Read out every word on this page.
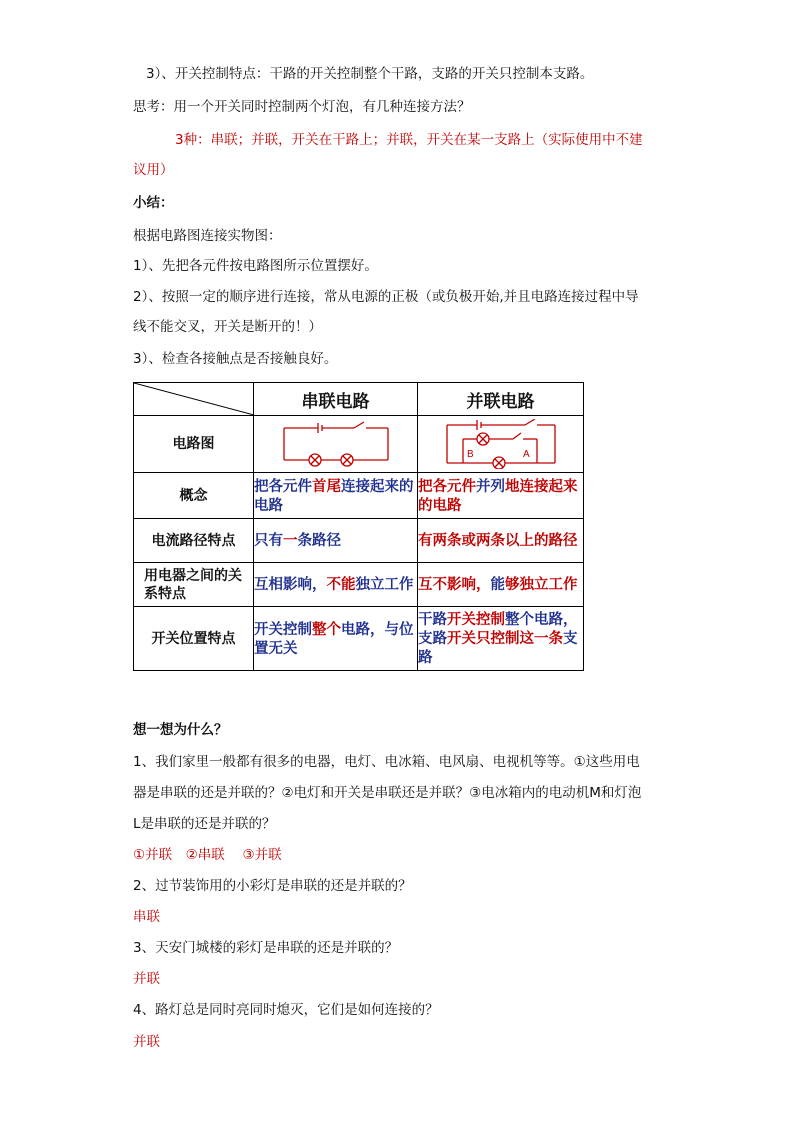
3）、开关控制特点：干路的开关控制整个干路，支路的开关只控制本支路。
思考：用一个开关同时控制两个灯泡，有几种连接方法？
3种：串联；并联，开关在干路上；并联，开关在某一支路上（实际使用中不建
议用）
小结：
根据电路图连接实物图：
1）、先把各元件按电路图所示位置摆好。
2）、按照一定的顺序进行连接，常从电源的正极（或负极开始,并且电路连接过程中导
线不能交叉，开关是断开的！）
3）、检查各接触点是否接触良好。
	串联电路	并联电路
电路图		B A

概念	把各元件首尾连接起来的电路	把各元件并列地连接起来的电路
电流路径特点	只有一条路径	有两条或两条以上的路径
用电器之间的关系特点	互相影响，不能独立工作	互不影响，能够独立工作
开关位置特点	开关控制整个电路，与位置无关	干路开关控制整个电路，支路开关只控制这一条支路
想一想为什么？
1、我们家里一般都有很多的电器，电灯、电冰箱、电风扇、电视机等等。①这些用电
器是串联的还是并联的？②电灯和开关是串联还是并联？③电冰箱内的电动机M和灯泡
L是串联的还是并联的？
①并联　②串联　 ③并联
2、过节装饰用的小彩灯是串联的还是并联的？
串联
3、天安门城楼的彩灯是串联的还是并联的？
并联
4、路灯总是同时亮同时熄灭，它们是如何连接的？
并联
